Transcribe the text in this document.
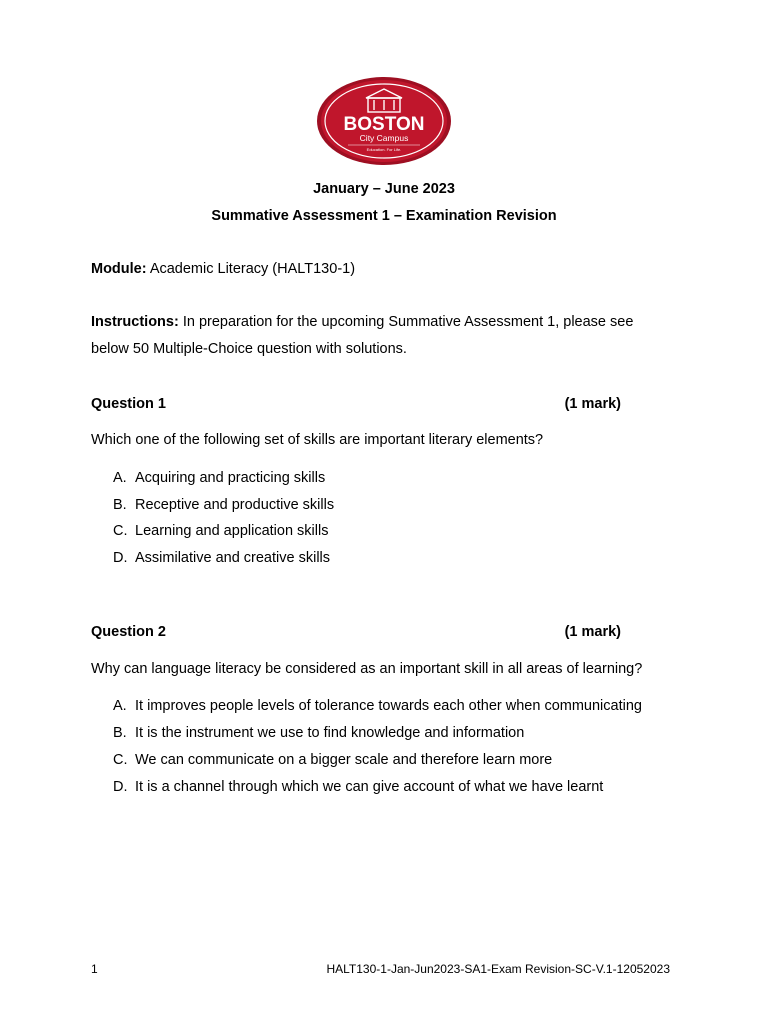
BOSTON
City Campus
Education. For Life.
January – June 2023
Summative Assessment 1 – Examination Revision
Module: Academic Literacy (HALT130-1)
Instructions: In preparation for the upcoming Summative Assessment 1, please see
below 50 Multiple-Choice question with solutions.
Question 1	(1 mark)
Which one of the following set of skills are important literary elements?
A. Acquiring and practicing skills
B. Receptive and productive skills
C. Learning and application skills
D. Assimilative and creative skills
Question 2	(1 mark)
Why can language literacy be considered as an important skill in all areas of learning?
A. It improves people levels of tolerance towards each other when communicating
B. It is the instrument we use to find knowledge and information
C. We can communicate on a bigger scale and therefore learn more
D. It is a channel through which we can give account of what we have learnt
1	HALT130-1-Jan-Jun2023-SA1-Exam Revision-SC-V.1-12052023
